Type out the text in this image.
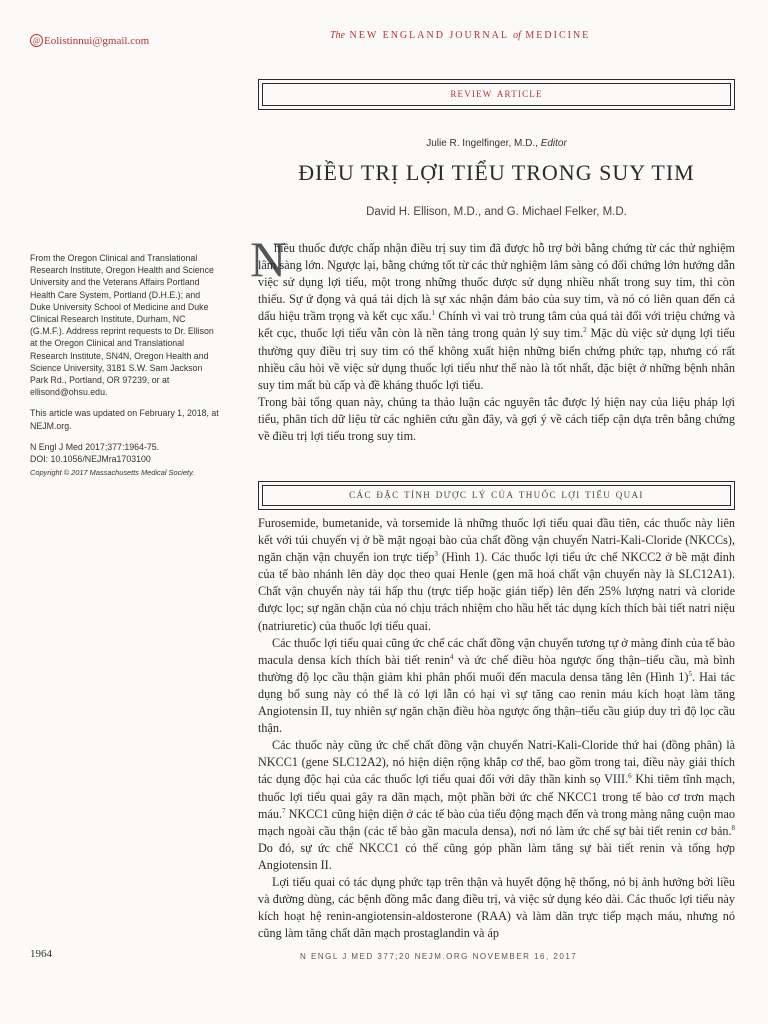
@ Eolistinnui@gmail.com	The NEW ENGLAND JOURNAL of MEDICINE
review article
Julie R. Ingelfinger, M.D., Editor
ĐIỀU TRỊ LỢI TIỂU TRONG SUY TIM
David H. Ellison, M.D., and G. Michael Felker, M.D.

From the Oregon Clinical and Translational Research Institute, Oregon Health and Science University and the Veterans Affairs Portland Health Care System, Portland (D.H.E.); and Duke University School of Medicine and Duke Clinical Research Institute, Durham, NC (G.M.F.). Address reprint requests to Dr. Ellison at the Oregon Clinical and Translational Research Institute, SN4N, Oregon Health and Science University, 3181 S.W. Sam Jackson Park Rd., Portland, OR 97239, or at ellisond@ohsu.edu.

This article was updated on February 1, 2018, at NEJM.org.

N Engl J Med 2017;377:1964-75.

DOI: 10.1056/NEJMra1703100

Copyright © 2017 Massachusetts Medical Society.

N

hiều thuốc được chấp nhận điều trị suy tim đã được hỗ trợ bởi bằng chứng từ các thử nghiệm lâm sàng lớn. Ngược lại, bằng chứng tốt từ các thử nghiệm lâm sàng có đối chứng lớn hướng dẫn việc sử dụng lợi tiểu, một trong những thuốc được sử dụng nhiều nhất trong suy tim, thì còn thiếu. Sự ứ đọng và quá tải dịch là sự xác nhận đảm bảo của suy tim, và nó có liên quan đến cả dấu hiệu trầm trọng và kết cục xấu.$^1$ Chính vì vai trò trung tâm của quá tải đối với triệu chứng và kết cục, thuốc lợi tiểu vẫn còn là nền tảng trong quản lý suy tim.$^2$ Mặc dù việc sử dụng lợi tiểu thường quy điều trị suy tim có thể không xuất hiện những biến chứng phức tạp, nhưng có rất nhiều câu hỏi về việc sử dụng thuốc lợi tiểu như thế nào là tốt nhất, đặc biệt ở những bệnh nhân suy tim mất bù cấp và đề kháng thuốc lợi tiểu.

Trong bài tổng quan này, chúng ta thảo luận các nguyên tắc được lý hiện nay của liệu pháp lợi tiểu, phân tích dữ liệu từ các nghiên cứu gần đây, và gợi ý về cách tiếp cận dựa trên bằng chứng về điều trị lợi tiểu trong suy tim.

các đặc tính dược lý của thuốc lợi tiểu quai

Furosemide, bumetanide, và torsemide là những thuốc lợi tiểu quai đầu tiên, các thuốc này liên kết với túi chuyển vị ở bề mặt ngoại bào của chất đồng vận chuyển Natri-Kali-Cloride (NKCCs), ngăn chặn vận chuyển ion trực tiếp$^3$ (Hình 1). Các thuốc lợi tiểu ức chế NKCC2 ở bề mặt đỉnh của tế bào nhánh lên dày dọc theo quai Henle (gen mã hoá chất vận chuyển này là SLC12A1). Chất vận chuyển này tái hấp thu (trực tiếp hoặc gián tiếp) lên đến 25% lượng natri và cloride được lọc; sự ngăn chặn của nó chịu trách nhiệm cho hầu hết tác dụng kích thích bài tiết natri niệu (natriuretic) của thuốc lợi tiểu quai.

Các thuốc lợi tiểu quai cũng ức chế các chất đồng vận chuyển tương tự ở màng đỉnh của tế bào macula densa kích thích bài tiết renin$^4$ và ức chế điều hòa ngược ống thận–tiểu cầu, mà bình thường độ lọc cầu thận giảm khi phân phối muối đến macula densa tăng lên (Hình 1)$^5$. Hai tác dụng bổ sung này có thể là có lợi lẫn có hại vì sự tăng cao renin máu kích hoạt làm tăng Angiotensin II, tuy nhiên sự ngăn chặn điều hòa ngược ống thận–tiểu cầu giúp duy trì độ lọc cầu thận.

Các thuốc này cũng ức chế chất đồng vận chuyển Natri-Kali-Cloride thứ hai (đồng phân) là NKCC1 (gene SLC12A2), nó hiện diện rộng khắp cơ thể, bao gồm trong tai, điều này giải thích tác dụng độc hại của các thuốc lợi tiểu quai đối với dây thần kinh sọ VIII.$^6$ Khi tiêm tĩnh mạch, thuốc lợi tiểu quai gây ra dãn mạch, một phần bởi ức chế NKCC1 trong tế bào cơ trơn mạch máu.$^7$ NKCC1 cũng hiện diện ở các tế bào của tiểu động mạch đến và trong màng nâng cuộn mao mạch ngoài cầu thận (các tế bào gần macula densa), nơi nó làm ức chế sự bài tiết renin cơ bản.$^8$ Do đó, sự ức chế NKCC1 có thể cũng góp phần làm tăng sự bài tiết renin và tổng hợp Angiotensin II.

Lợi tiểu quai có tác dụng phức tạp trên thận và huyết động hệ thống, nó bị ảnh hưởng bởi liều và đường dùng, các bệnh đồng mắc đang điều trị, và việc sử dụng kéo dài. Các thuốc lợi tiểu này kích hoạt hệ renin-angiotensin-aldosterone (RAA) và làm dãn trực tiếp mạch máu, nhưng nó cũng làm tăng chất dãn mạch prostaglandin và áp

1964	N ENGL J MED 377;20 NEJM.ORG NOVEMBER 16, 2017
